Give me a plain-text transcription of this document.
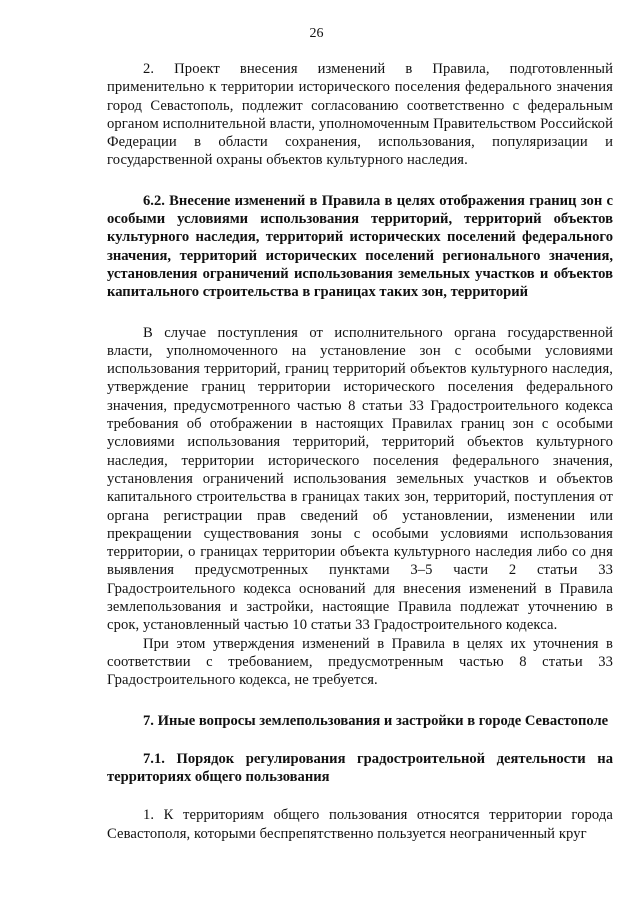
26

2. Проект внесения изменений в Правила, подготовленный применительно к территории исторического поселения федерального значения город Севастополь, подлежит согласованию соответственно с федеральным органом исполнительной власти, уполномоченным Правительством Российской Федерации в области сохранения, использования, популяризации и государственной охраны объектов культурного наследия.

6.2. Внесение изменений в Правила в целях отображения границ зон с особыми условиями использования территорий, территорий объектов культурного наследия, территорий исторических поселений федерального значения, территорий исторических поселений регионального значения, установления ограничений использования земельных участков и объектов капитального строительства в границах таких зон, территорий

В случае поступления от исполнительного органа государственной власти, уполномоченного на установление зон с особыми условиями использования территорий, границ территорий объектов культурного наследия, утверждение границ территории исторического поселения федерального значения, предусмотренного частью 8 статьи 33 Градостроительного кодекса требования об отображении в настоящих Правилах границ зон с особыми условиями использования территорий, территорий объектов культурного наследия, территории исторического поселения федерального значения, установления ограничений использования земельных участков и объектов капитального строительства в границах таких зон, территорий, поступления от органа регистрации прав сведений об установлении, изменении или прекращении существования зоны с особыми условиями использования территории, о границах территории объекта культурного наследия либо со дня выявления предусмотренных пунктами 3–5 части 2 статьи 33 Градостроительного кодекса оснований для внесения изменений в Правила землепользования и застройки, настоящие Правила подлежат уточнению в срок, установленный частью 10 статьи 33 Градостроительного кодекса.

При этом утверждения изменений в Правила в целях их уточнения в соответствии с требованием, предусмотренным частью 8 статьи 33 Градостроительного кодекса, не требуется.

7. Иные вопросы землепользования и застройки в городе Севастополе

7.1. Порядок регулирования градостроительной деятельности на территориях общего пользования

1. К территориям общего пользования относятся территории города Севастополя, которыми беспрепятственно пользуется неограниченный круг
